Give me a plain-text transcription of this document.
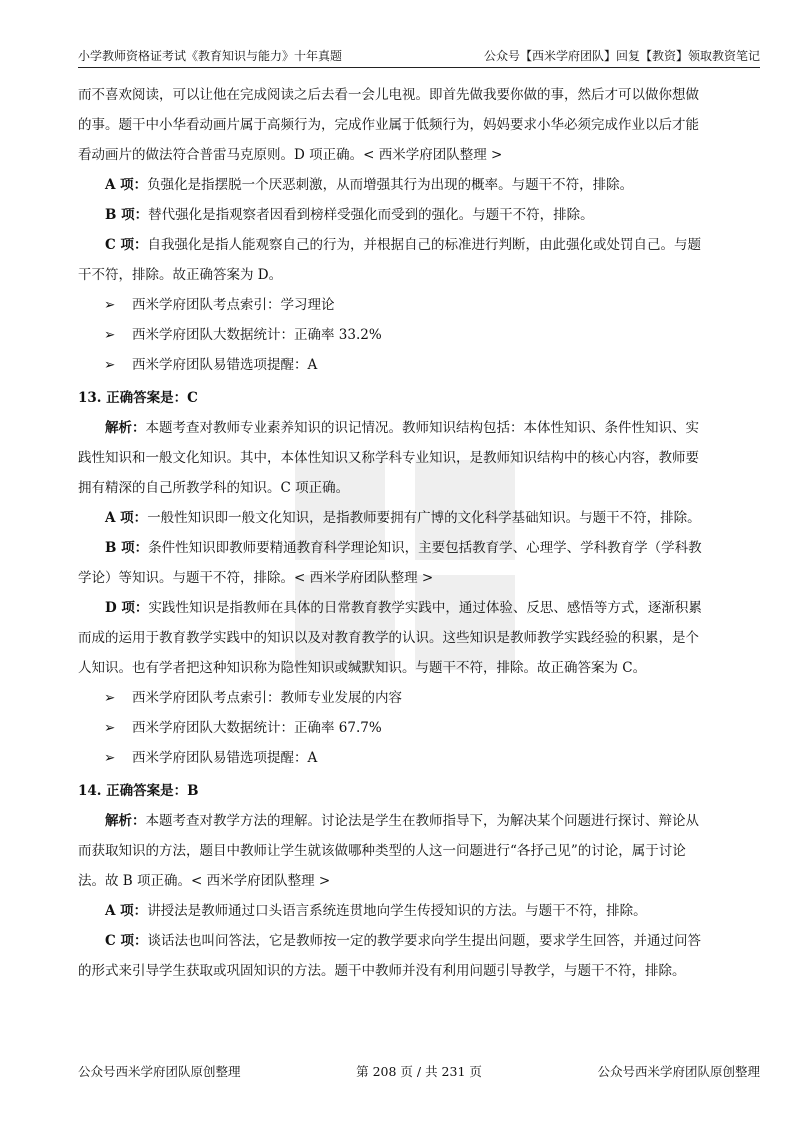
小学教师资格证考试《教育知识与能力》十年真题	公众号【西米学府团队】回复【教资】领取教资笔记

而不喜欢阅读，可以让他在完成阅读之后去看一会儿电视。即首先做我要你做的事，然后才可以做你想做

的事。题干中小华看动画片属于高频行为，完成作业属于低频行为，妈妈要求小华必须完成作业以后才能

看动画片的做法符合普雷马克原则。D 项正确。< 西米学府团队整理 >

A 项：负强化是指摆脱一个厌恶刺激，从而增强其行为出现的概率。与题干不符，排除。

B 项：替代强化是指观察者因看到榜样受强化而受到的强化。与题干不符，排除。

C 项：自我强化是指人能观察自己的行为，并根据自己的标准进行判断，由此强化或处罚自己。与题

干不符，排除。故正确答案为 D。

➢ 西米学府团队考点索引：学习理论

➢ 西米学府团队大数据统计：正确率 33.2%

➢ 西米学府团队易错选项提醒：A

13. 正确答案是：C

解析：本题考查对教师专业素养知识的识记情况。教师知识结构包括：本体性知识、条件性知识、实

践性知识和一般文化知识。其中，本体性知识又称学科专业知识，是教师知识结构中的核心内容，教师要

拥有精深的自己所教学科的知识。C 项正确。

A 项：一般性知识即一般文化知识，是指教师要拥有广博的文化科学基础知识。与题干不符，排除。

B 项：条件性知识即教师要精通教育科学理论知识，主要包括教育学、心理学、学科教育学（学科教

学论）等知识。与题干不符，排除。< 西米学府团队整理 >

D 项：实践性知识是指教师在具体的日常教育教学实践中，通过体验、反思、感悟等方式，逐渐积累

而成的运用于教育教学实践中的知识以及对教育教学的认识。这些知识是教师教学实践经验的积累，是个

人知识。也有学者把这种知识称为隐性知识或缄默知识。与题干不符，排除。故正确答案为 C。

➢ 西米学府团队考点索引：教师专业发展的内容

➢ 西米学府团队大数据统计：正确率 67.7%

➢ 西米学府团队易错选项提醒：A

14. 正确答案是：B

解析：本题考查对教学方法的理解。讨论法是学生在教师指导下，为解决某个问题进行探讨、辩论从

而获取知识的方法，题目中教师让学生就该做哪种类型的人这一问题进行“各抒己见”的讨论，属于讨论

法。故 B 项正确。< 西米学府团队整理 >

A 项：讲授法是教师通过口头语言系统连贯地向学生传授知识的方法。与题干不符，排除。

C 项：谈话法也叫问答法，它是教师按一定的教学要求向学生提出问题，要求学生回答，并通过问答

的形式来引导学生获取或巩固知识的方法。题干中教师并没有利用问题引导教学，与题干不符，排除。

公众号西米学府团队原创整理	第 208 页 / 共 231 页	公众号西米学府团队原创整理
